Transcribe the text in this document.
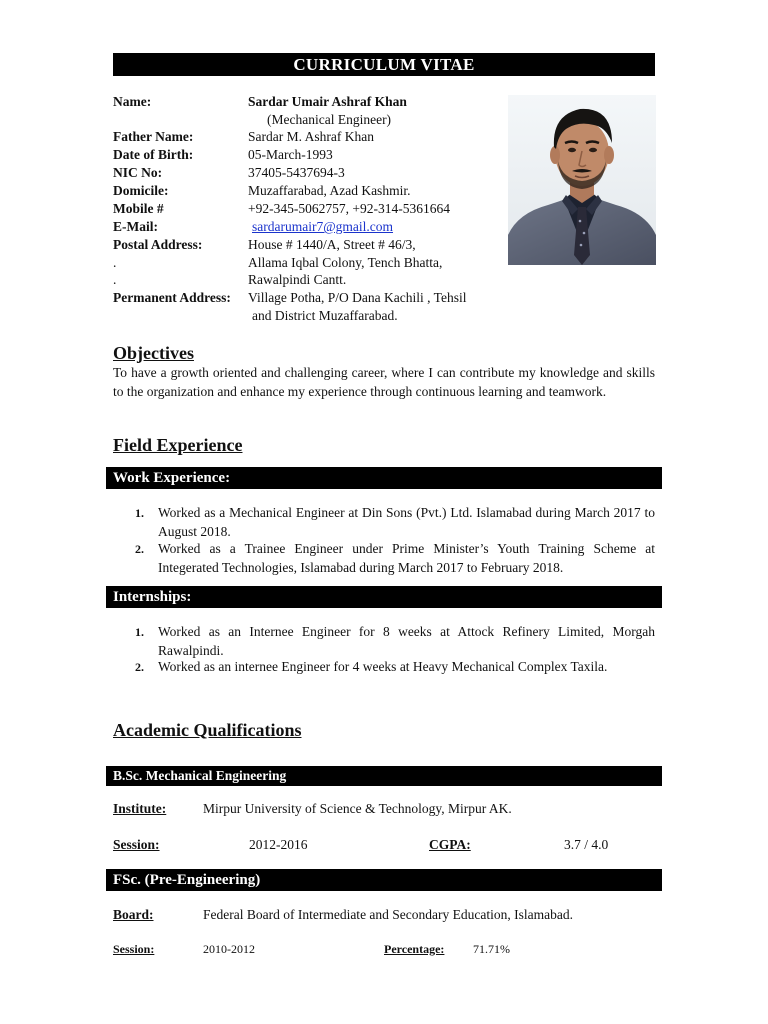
CURRICULUM VITAE
Name:	Sardar Umair Ashraf Khan
(Mechanical Engineer)
Father Name:	Sardar M. Ashraf Khan
Date of Birth:	05-March-1993
NIC No:	37405-5437694-3
Domicile:	Muzaffarabad, Azad Kashmir.
Mobile #	+92-345-5062757, +92-314-5361664
E-Mail:	sardarumair7@gmail.com
Postal Address:	House # 1440/A, Street # 46/3,
.	Allama Iqbal Colony, Tench Bhatta,
.	Rawalpindi Cantt.
Permanent Address: Village Potha, P/O Dana Kachili , Tehsil
and District Muzaffarabad.
Objectives
To have a growth oriented and challenging career, where I can contribute my knowledge and skills to the organization and enhance my experience through continuous learning and teamwork.
Field Experience
Work Experience:
1. Worked as a Mechanical Engineer at Din Sons (Pvt.) Ltd. Islamabad during March 2017 to August 2018.
2. Worked as a Trainee Engineer under Prime Minister’s Youth Training Scheme at Integerated Technologies, Islamabad during March 2017 to February 2018.
Internships:
1. Worked as an Internee Engineer for 8 weeks at Attock Refinery Limited, Morgah Rawalpindi.
2. Worked as an internee Engineer for 4 weeks at Heavy Mechanical Complex Taxila.
Academic Qualifications
B.Sc. Mechanical Engineering
Institute:	Mirpur University of Science & Technology, Mirpur AK.
Session:	2012-2016	CGPA:	3.7 / 4.0
FSc. (Pre-Engineering)
Board:	Federal Board of Intermediate and Secondary Education, Islamabad.
Session:	2010-2012	Percentage: 71.71%
